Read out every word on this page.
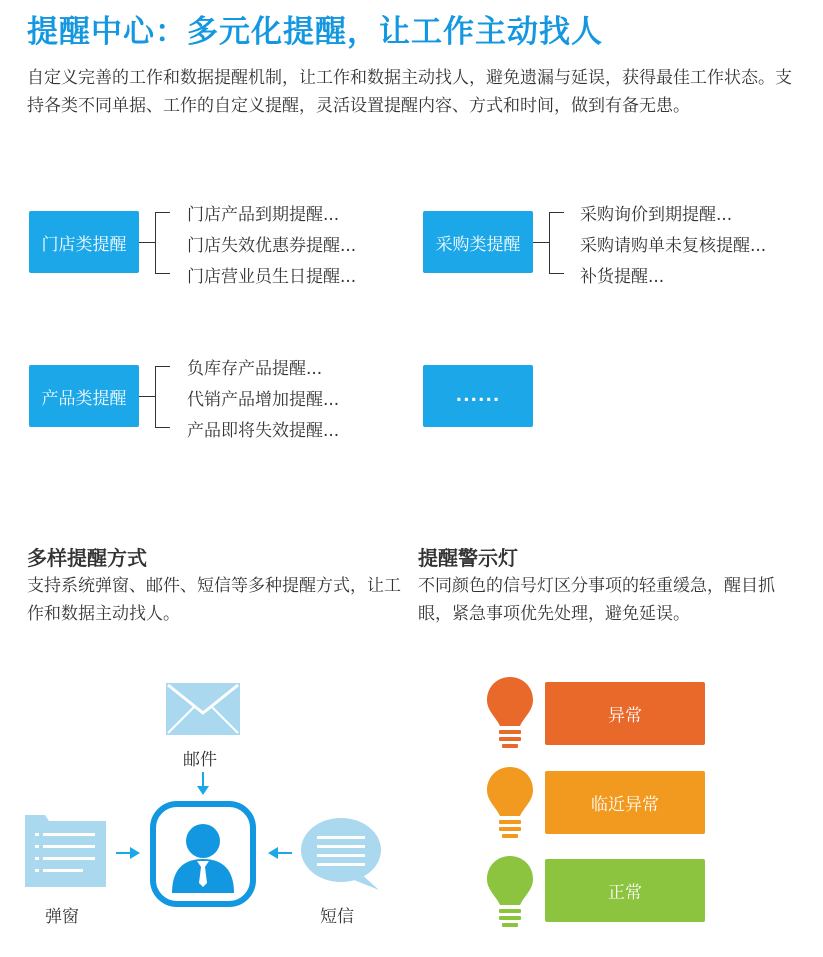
提醒中心：多元化提醒，让工作主动找人
自定义完善的工作和数据提醒机制，让工作和数据主动找人，避免遗漏与延误，获得最佳工作状态。支持各类不同单据、工作的自定义提醒，灵活设置提醒内容、方式和时间，做到有备无患。
门店类提醒
门店产品到期提醒...
门店失效优惠券提醒...
门店营业员生日提醒...
采购类提醒
采购询价到期提醒...
采购请购单未复核提醒...
补货提醒...
产品类提醒
负库存产品提醒...
代销产品增加提醒...
产品即将失效提醒...
......
多样提醒方式
支持系统弹窗、邮件、短信等多种提醒方式，让工作和数据主动找人。
提醒警示灯
不同颜色的信号灯区分事项的轻重缓急，醒目抓眼，紧急事项优先处理，避免延误。
邮件
弹窗	短信
异常
临近异常
正常
